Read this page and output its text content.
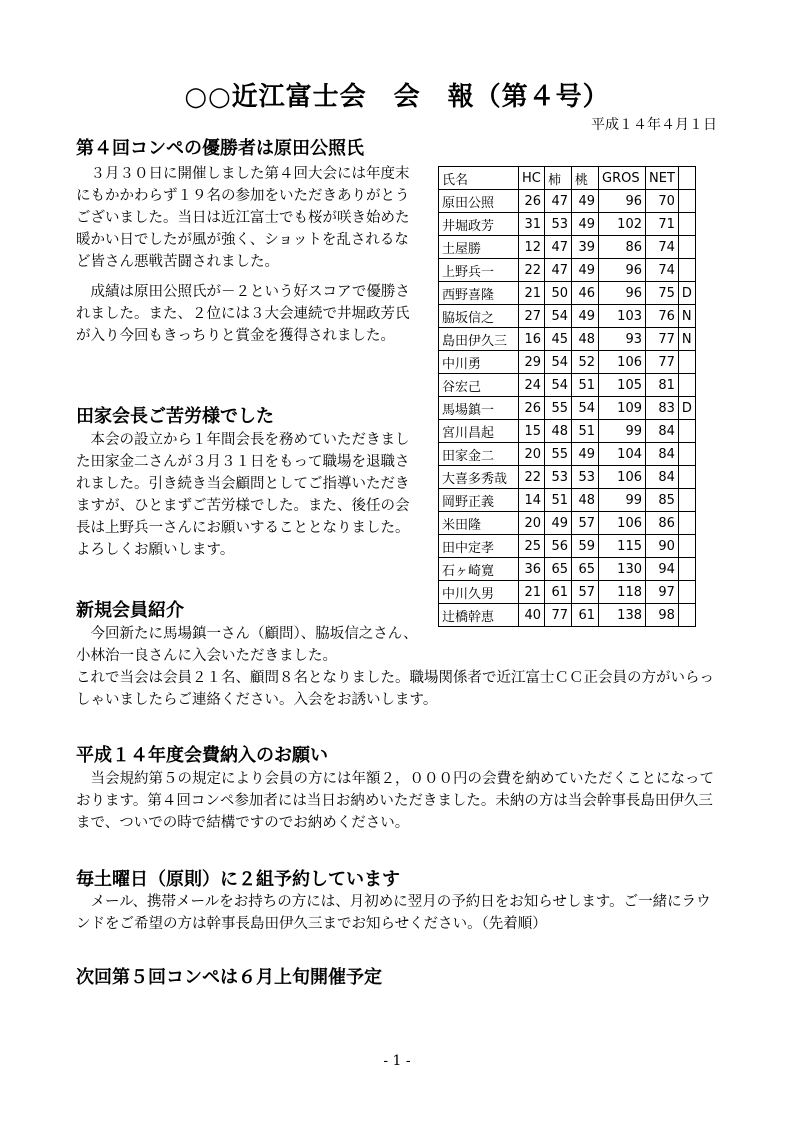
○○近江富士会　会　報（第４号）
平成１４年４月１日
第４回コンペの優勝者は原田公照氏

３月３０日に開催しました第４回大会には年度末にもかかわらず１９名の参加をいただきありがとうございました。当日は近江富士でも桜が咲き始めた暖かい日でしたが風が強く、ショットを乱されるなど皆さん悪戦苦闘されました。

成績は原田公照氏が－２という好スコアで優勝されました。また、２位には３大会連続で井堀政芳氏が入り今回もきっちりと賞金を獲得されました。

田家会長ご苦労様でした

本会の設立から１年間会長を務めていただきました田家金二さんが３月３１日をもって職場を退職されました。引き続き当会顧問としてご指導いただきますが、ひとまずご苦労様でした。また、後任の会長は上野兵一さんにお願いすることとなりました。よろしくお願いします。

新規会員紹介

今回新たに馬場鎮一さん（顧問）、脇坂信之さん、小林治一良さんに入会いただきました。

これで当会は会員２１名、顧問８名となりました。職場関係者で近江富士ＣＣ正会員の方がいらっしゃいましたらご連絡ください。入会をお誘いします。

平成１４年度会費納入のお願い

当会規約第５の規定により会員の方には年額２，０００円の会費を納めていただくことになっております。第４回コンペ参加者には当日お納めいただきました。未納の方は当会幹事長島田伊久三まで、ついでの時で結構ですのでお納めください。

毎土曜日（原則）に２組予約しています

メール、携帯メールをお持ちの方には、月初めに翌月の予約日をお知らせします。ご一緒にラウンドをご希望の方は幹事長島田伊久三までお知らせください。（先着順）

次回第５回コンペは６月上旬開催予定
氏名	HC	柿	桃	GROS	NET	
原田公照	26	47	49	96	70	
井堀政芳	31	53	49	102	71	
土屋勝	12	47	39	86	74	
上野兵一	22	47	49	96	74	
西野喜隆	21	50	46	96	75	D
脇坂信之	27	54	49	103	76	N
島田伊久三	16	45	48	93	77	N
中川勇	29	54	52	106	77	
谷宏己	24	54	51	105	81	
馬場鎮一	26	55	54	109	83	D
宮川昌起	15	48	51	99	84	
田家金二	20	55	49	104	84	
大喜多秀哉	22	53	53	106	84	
岡野正義	14	51	48	99	85	
米田隆	20	49	57	106	86	
田中定孝	25	56	59	115	90	
石ヶ崎寛	36	65	65	130	94	
中川久男	21	61	57	118	97	
辻橋幹恵	40	77	61	138	98	
- 1 -
